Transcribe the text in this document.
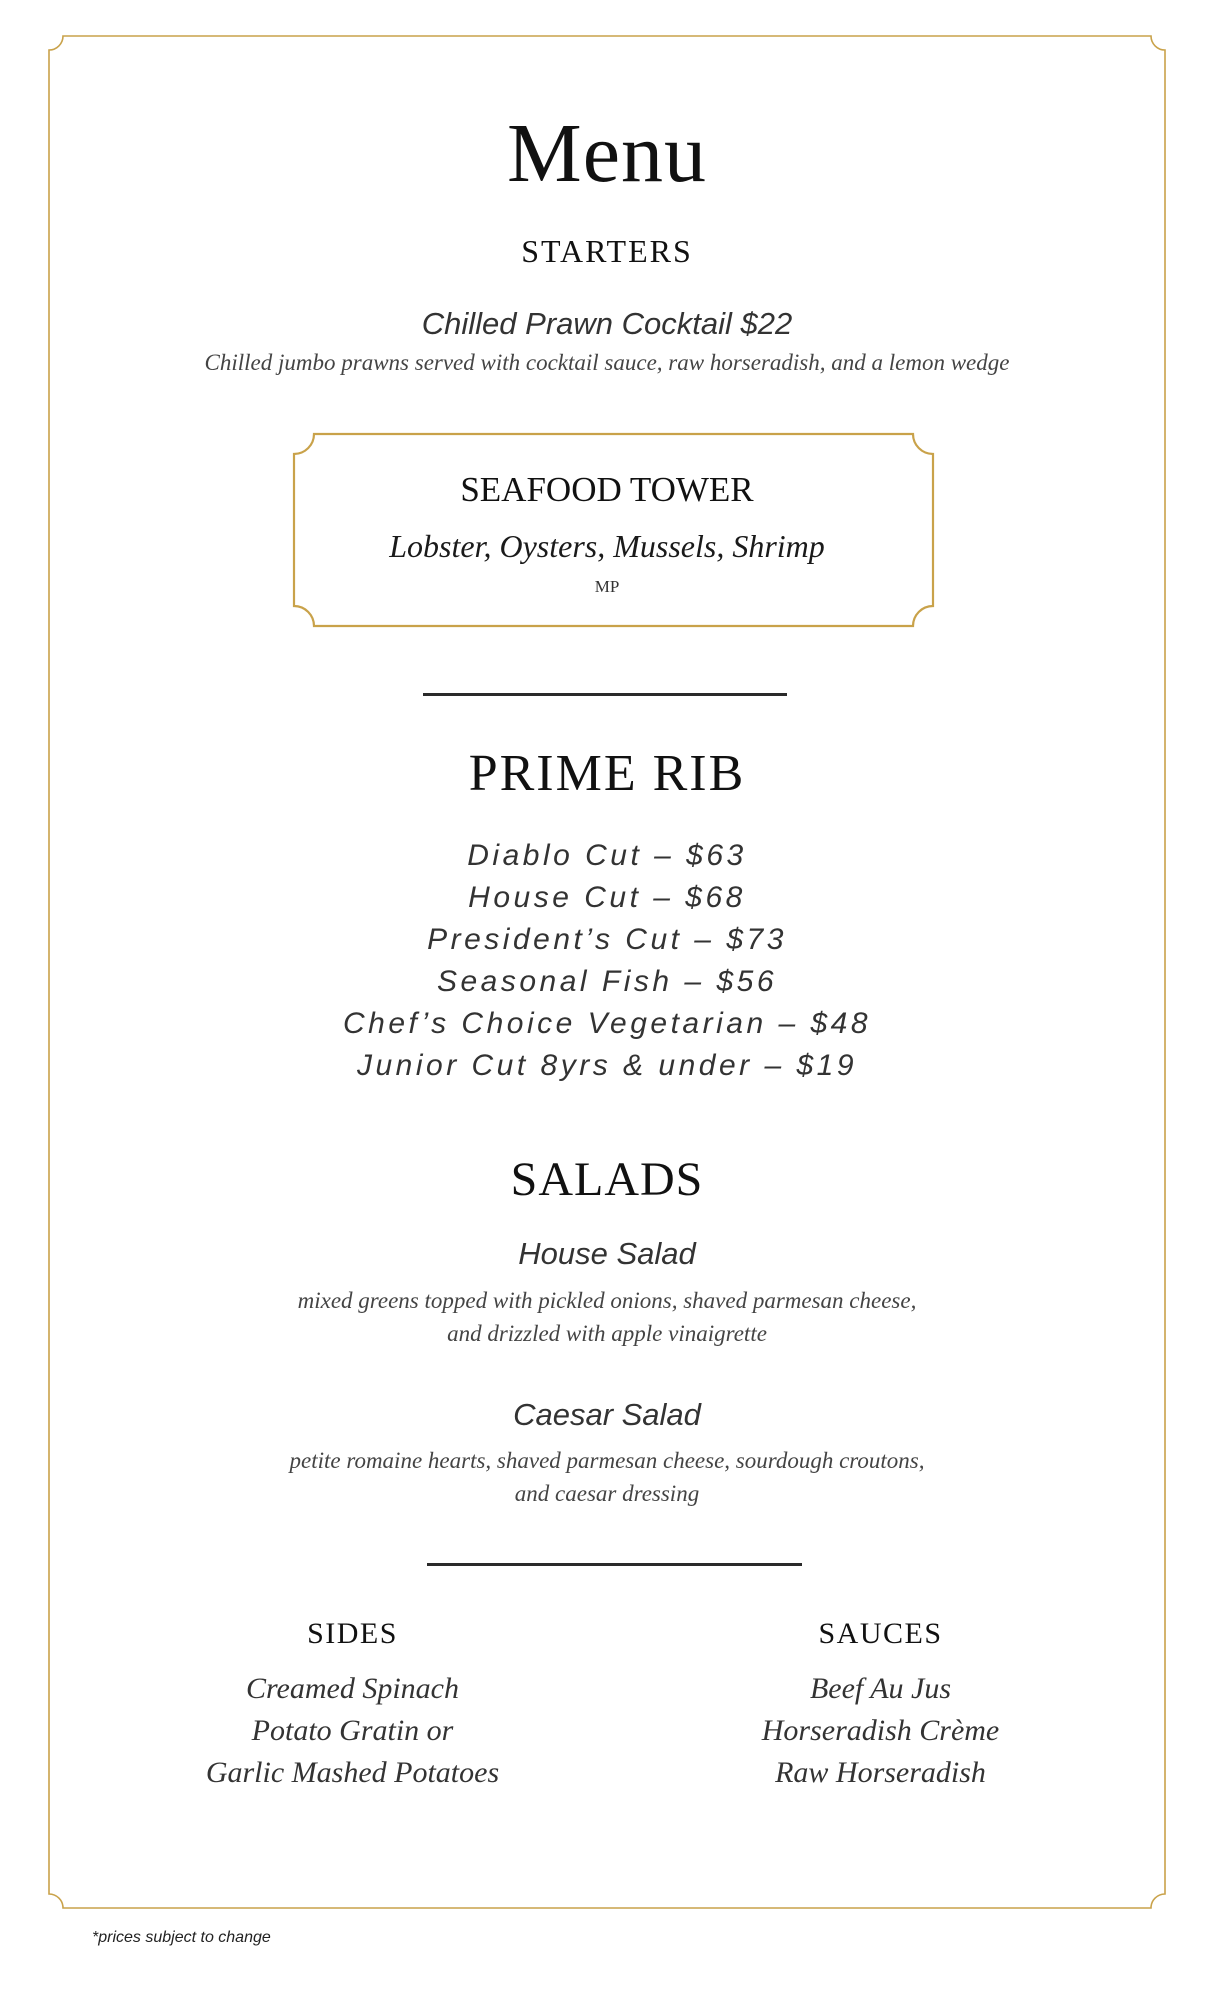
Menu
STARTERS
Chilled Prawn Cocktail $22
Chilled jumbo prawns served with cocktail sauce, raw horseradish, and a lemon wedge
SEAFOOD TOWER
Lobster, Oysters, Mussels, Shrimp
MP
PRIME RIB
Diablo Cut – $63
House Cut – $68
President’s Cut – $73
Seasonal Fish – $56
Chef’s Choice Vegetarian – $48
Junior Cut 8yrs & under – $19
SALADS
House Salad
mixed greens topped with pickled onions, shaved parmesan cheese,
and drizzled with apple vinaigrette
Caesar Salad
petite romaine hearts, shaved parmesan cheese, sourdough croutons,
and caesar dressing
SIDES
Creamed Spinach
Potato Gratin or
Garlic Mashed Potatoes
SAUCES
Beef Au Jus
Horseradish Crème
Raw Horseradish
*prices subject to change
